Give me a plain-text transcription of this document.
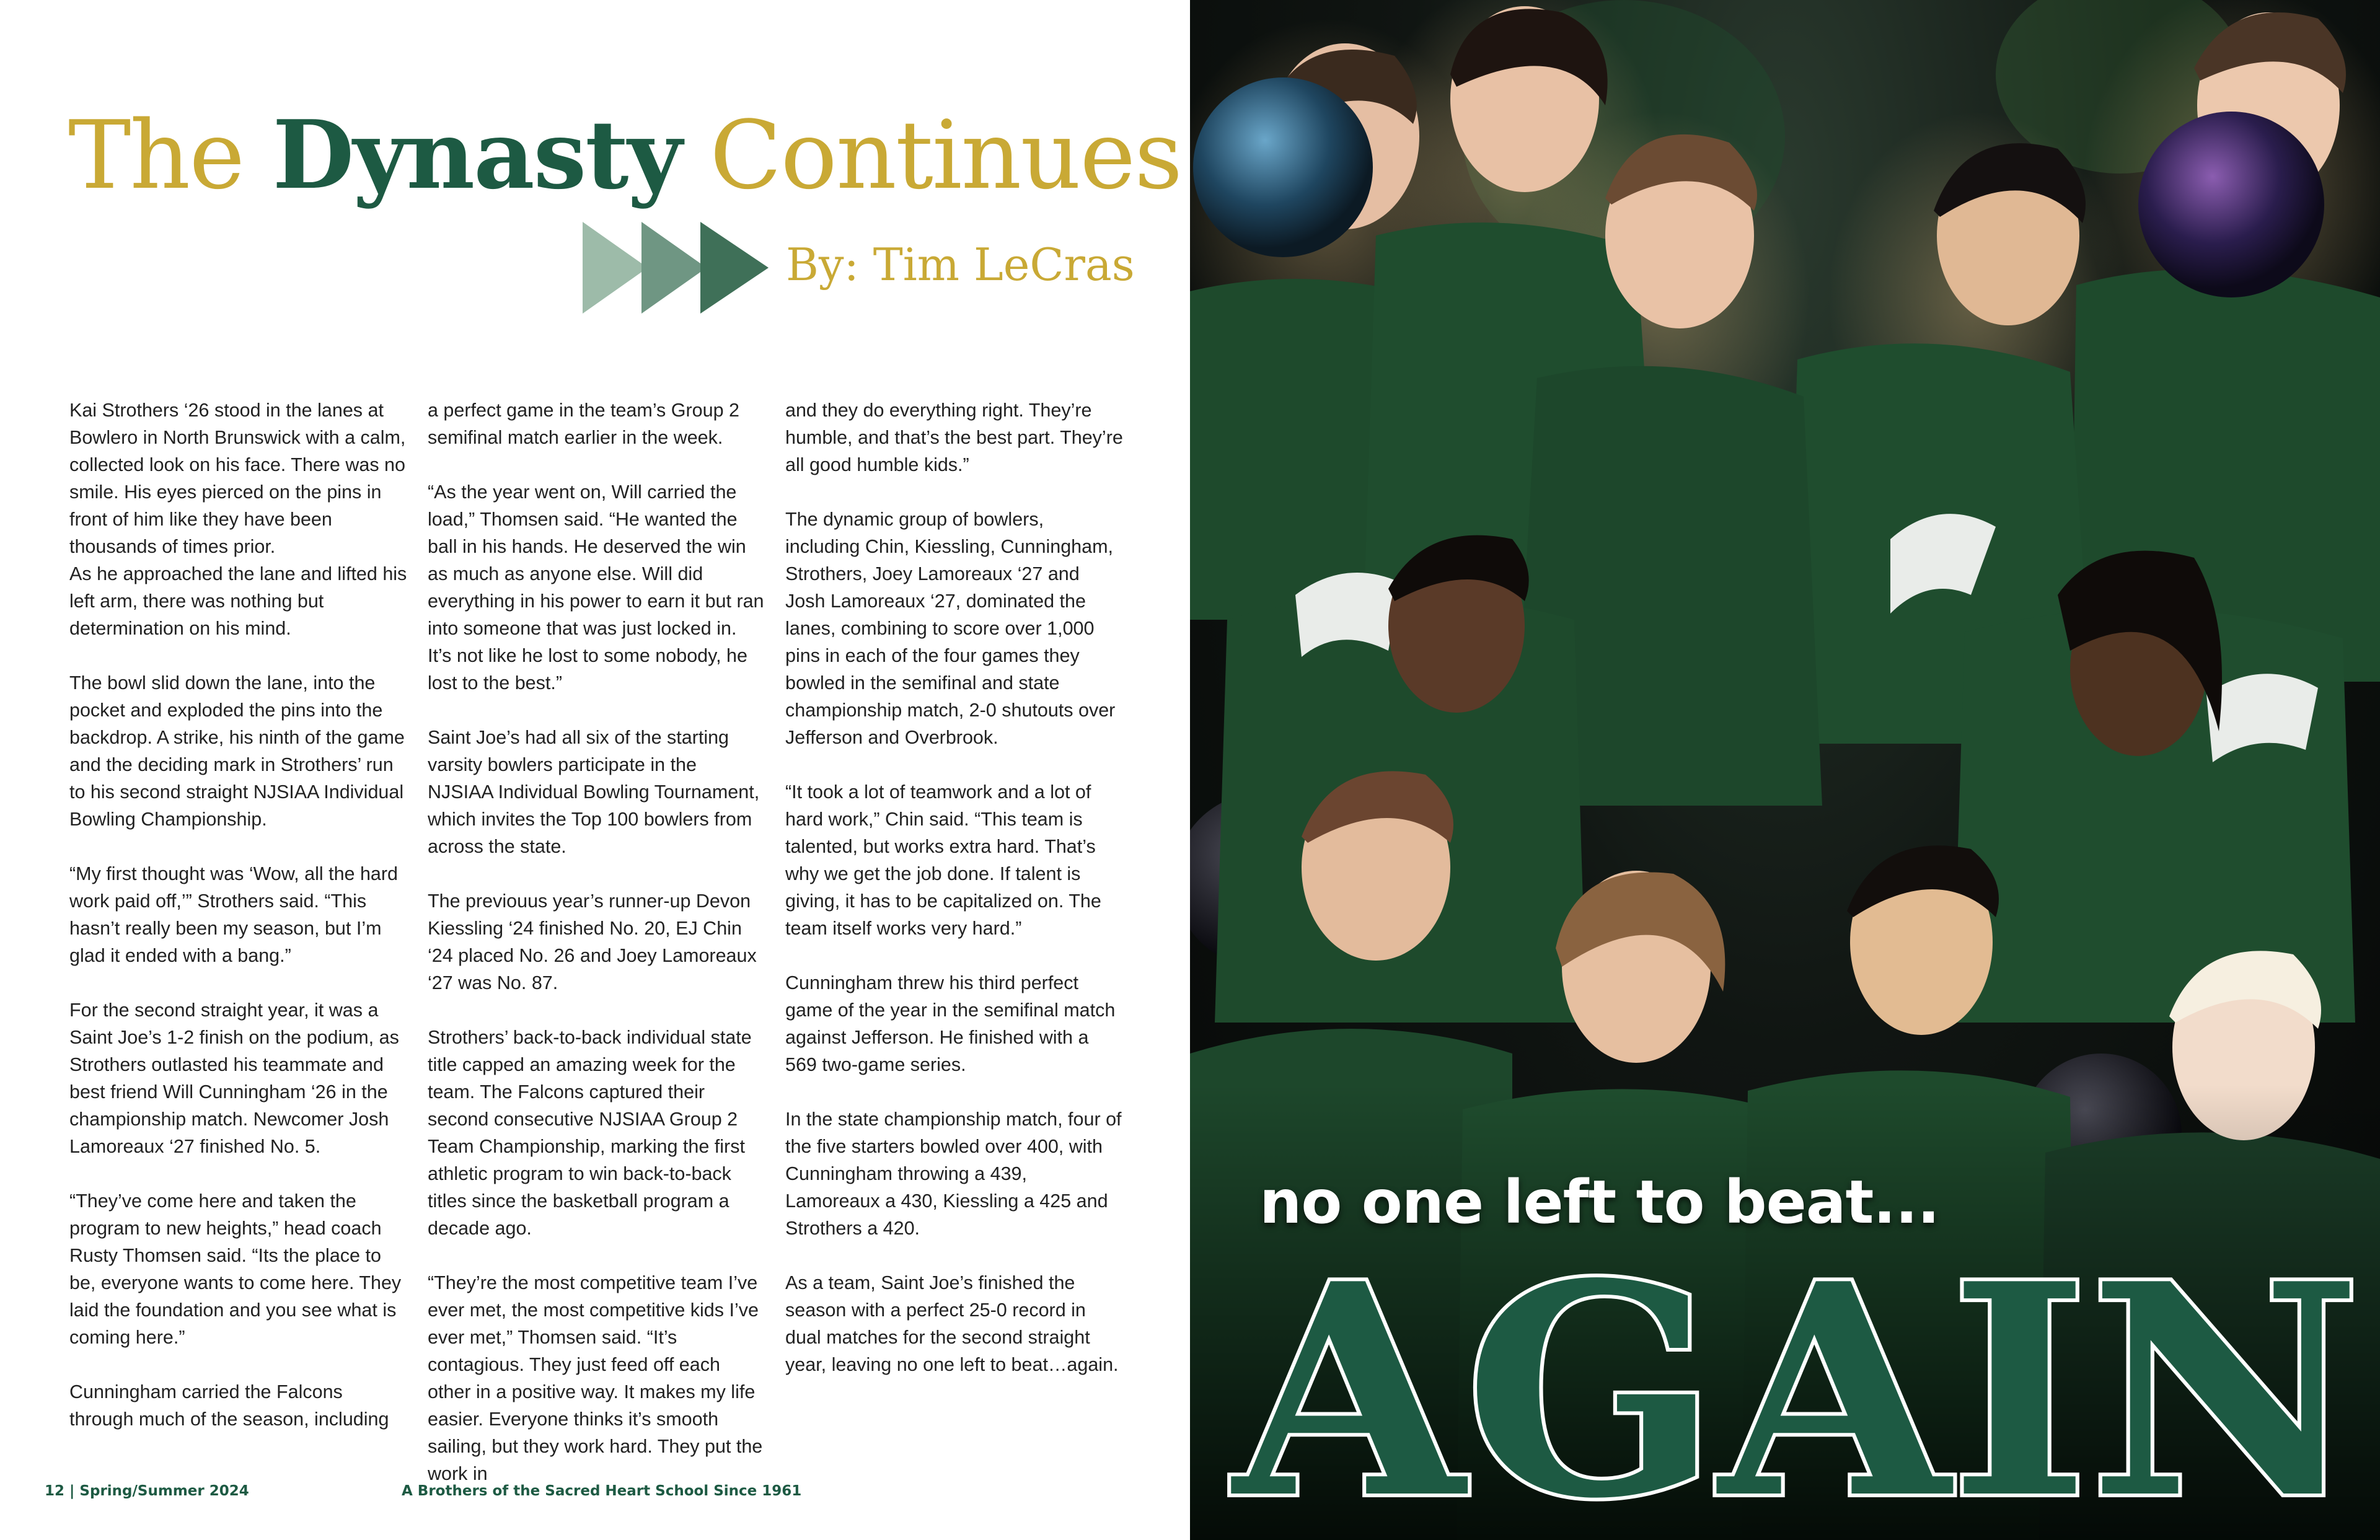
The Dynasty Continues
By: Tim LeCras

Kai Strothers ‘26 stood in the lanes at Bowlero in North Brunswick with a calm, collected look on his face. There was no smile. His eyes pierced on the pins in front of him like they have been thousands of times prior.
As he approached the lane and lifted his left arm, there was nothing but determination on his mind.

The bowl slid down the lane, into the pocket and exploded the pins into the backdrop. A strike, his ninth of the game and the deciding mark in Strothers’ run to his second straight NJSIAA Individual Bowling Championship.

“My first thought was ‘Wow, all the hard work paid off,’” Strothers said. “This hasn’t really been my season, but I’m glad it ended with a bang.”

For the second straight year, it was a Saint Joe’s 1-2 finish on the podium, as Strothers outlasted his teammate and best friend Will Cunningham ‘26 in the championship match. Newcomer Josh Lamoreaux ‘27 finished No. 5.

“They’ve come here and taken the program to new heights,” head coach Rusty Thomsen said. “Its the place to be, everyone wants to come here. They laid the foundation and you see what is coming here.”

Cunningham carried the Falcons through much of the season, including

a perfect game in the team’s Group 2 semifinal match earlier in the week.

“As the year went on, Will carried the load,” Thomsen said. “He wanted the ball in his hands. He deserved the win as much as anyone else. Will did everything in his power to earn it but ran into someone that was just locked in. It’s not like he lost to some nobody, he lost to the best.”

Saint Joe’s had all six of the starting varsity bowlers participate in the NJSIAA Individual Bowling Tournament, which invites the Top 100 bowlers from across the state.

The previouus year’s runner-up Devon Kiessling ‘24 finished No. 20, EJ Chin ‘24 placed No. 26 and Joey Lamoreaux ‘27 was No. 87.

Strothers’ back-to-back individual state title capped an amazing week for the team. The Falcons captured their second consecutive NJSIAA Group 2 Team Championship, marking the first athletic program to win back-to-back titles since the basketball program a decade ago.

“They’re the most competitive team I’ve ever met, the most competitive kids I’ve ever met,” Thomsen said. “It’s contagious. They just feed off each other in a positive way. It makes my life easier. Everyone thinks it’s smooth sailing, but they work hard. They put the work in

and they do everything right. They’re humble, and that’s the best part. They’re all good humble kids.”

The dynamic group of bowlers, including Chin, Kiessling, Cunningham, Strothers, Joey Lamoreaux ‘27 and Josh Lamoreaux ‘27, dominated the lanes, combining to score over 1,000 pins in each of the four games they bowled in the semifinal and state championship match, 2-0 shutouts over Jefferson and Overbrook.

“It took a lot of teamwork and a lot of hard work,” Chin said. “This team is talented, but works extra hard. That’s why we get the job done. If talent is giving, it has to be capitalized on. The team itself works very hard.”

Cunningham threw his third perfect game of the year in the semifinal match against Jefferson. He finished with a 569 two-game series.

In the state championship match, four of the five starters bowled over 400, with Cunningham throwing a 439, Lamoreaux a 430, Kiessling a 425 and Strothers a 420.

As a team, Saint Joe’s finished the season with a perfect 25-0 record in dual matches for the second straight year, leaving no one left to beat…again.

12 | Spring/Summer 2024	A Brothers of the Sacred Heart School Since 1961
no one left to beat...
AGAIN
